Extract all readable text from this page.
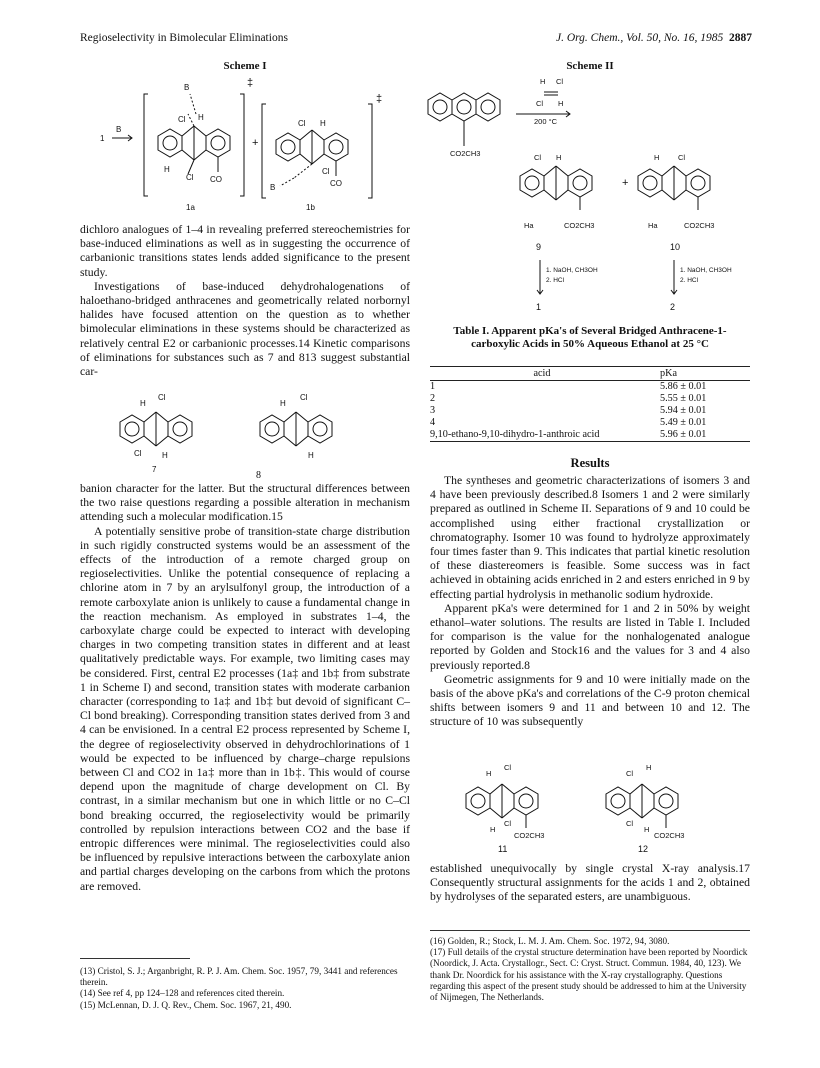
Regioselectivity in Bimolecular Eliminations	J. Org. Chem., Vol. 50, No. 16, 1985 2887
Scheme I
1
B
B	‡
Cl H
H
Cl CO
+
Cl H
‡
B
Cl
CO
1a	1b

dichloro analogues of 1–4 in revealing preferred stereochemistries for base-induced eliminations as well as in suggesting the occurrence of carbanionic transitions states lends added significance to the present study.

Investigations of base-induced dehydrohalogenations of haloethano-bridged anthracenes and geometrically related norbornyl halides have focused attention on the question as to whether bimolecular eliminations in these systems should be characterized as relatively central E2 or carbanionic processes.14 Kinetic comparisons of eliminations for substances such as 7 and 813 suggest substantial car-

H
Cl
Cl	H
7
H
Cl
H
8

banion character for the latter. But the structural differences between the two raise questions regarding a possible alteration in mechanism attending such a molecular modification.15

A potentially sensitive probe of transition-state charge distribution in such rigidly constructed systems would be an assessment of the effects of the introduction of a remote charged group on regioselectivities. Unlike the potential consequence of replacing a chlorine atom in 7 by an arylsulfonyl group, the introduction of a remote carboxylate anion is unlikely to cause a fundamental change in the reaction mechanism. As employed in substrates 1–4, the carboxylate charge could be expected to interact with developing charges in two competing transition states in different and at least qualitatively predictable ways. For example, two limiting cases may be considered. First, central E2 processes (1a‡ and 1b‡ from substrate 1 in Scheme I) and second, transition states with moderate carbanion character (corresponding to 1a‡ and 1b‡ but devoid of significant C–Cl bond breaking). Corresponding transition states derived from 3 and 4 can be envisioned. In a central E2 process represented by Scheme I, the degree of regioselectivity observed in dehydrochlorinations of 1 would be expected to be influenced by charge–charge repulsions between Cl and CO2 in 1a‡ more than in 1b‡. This would of course depend upon the magnitude of charge development on Cl. By contrast, in a similar mechanism but one in which little or no C–Cl bond breaking occurred, the regioselectivity would be primarily controlled by repulsion interactions between CO2 and the base if entropic differences were minimal. The regioselectivities could also be influenced by repulsive interactions between the carboxylate anion and partial charges developing on the carbons from which the protons are removed.

(13) Cristol, S. J.; Arganbright, R. P. J. Am. Chem. Soc. 1957, 79, 3441 and references therein.

(14) See ref 4, pp 124–128 and references cited therein.

(15) McLennan, D. J. Q. Rev., Chem. Soc. 1967, 21, 490.

Scheme II
H Cl
Cl H
200 °C
CO2CH3	Cl H
+
H Cl
Ha	CO2CH3	Ha	CO2CH3
9	10
1. NaOH, CH3OH
2. HCl
1. NaOH, CH3OH
2. HCl
1	2
Table I. Apparent pKa's of Several Bridged Anthracene-1-carboxylic Acids in 50% Aqueous Ethanol at 25 °C
acid	pKa
1	5.86 ± 0.01
2	5.55 ± 0.01
3	5.94 ± 0.01
4	5.49 ± 0.01
9,10-ethano-9,10-dihydro-1-anthroic acid	5.96 ± 0.01
Results

The syntheses and geometric characterizations of isomers 3 and 4 have been previously described.8 Isomers 1 and 2 were similarly prepared as outlined in Scheme II. Separations of 9 and 10 could be accomplished using either fractional crystallization or chromatography. Isomer 10 was found to hydrolyze approximately four times faster than 9. This indicates that partial kinetic resolution of these diastereomers is feasible. Some success was in fact achieved in obtaining acids enriched in 2 and esters enriched in 9 by effecting partial hydrolysis in methanolic sodium hydroxide.

Apparent pKa's were determined for 1 and 2 in 50% by weight ethanol–water solutions. The results are listed in Table I. Included for comparison is the value for the nonhalogenated analogue reported by Golden and Stock16 and the values for 3 and 4 also previously reported.8

Geometric assignments for 9 and 10 were initially made on the basis of the above pKa's and correlations of the C-9 proton chemical shifts between isomers 9 and 11 and between 10 and 12. The structure of 10 was subsequently

H
Cl
H
Cl
CO2CH3
11
Cl
H
Cl
H
CO2CH3
12

established unequivocally by single crystal X-ray analysis.17 Consequently structural assignments for the acids 1 and 2, obtained by hydrolyses of the separated esters, are unambiguous.

(16) Golden, R.; Stock, L. M. J. Am. Chem. Soc. 1972, 94, 3080.

(17) Full details of the crystal structure determination have been reported by Noordick (Noordick, J. Acta. Crystallogr., Sect. C: Cryst. Struct. Commun. 1984, 40, 123). We thank Dr. Noordick for his assistance with the X-ray crystallography. Questions regarding this aspect of the present study should be addressed to him at the University of Nijmegen, The Netherlands.
